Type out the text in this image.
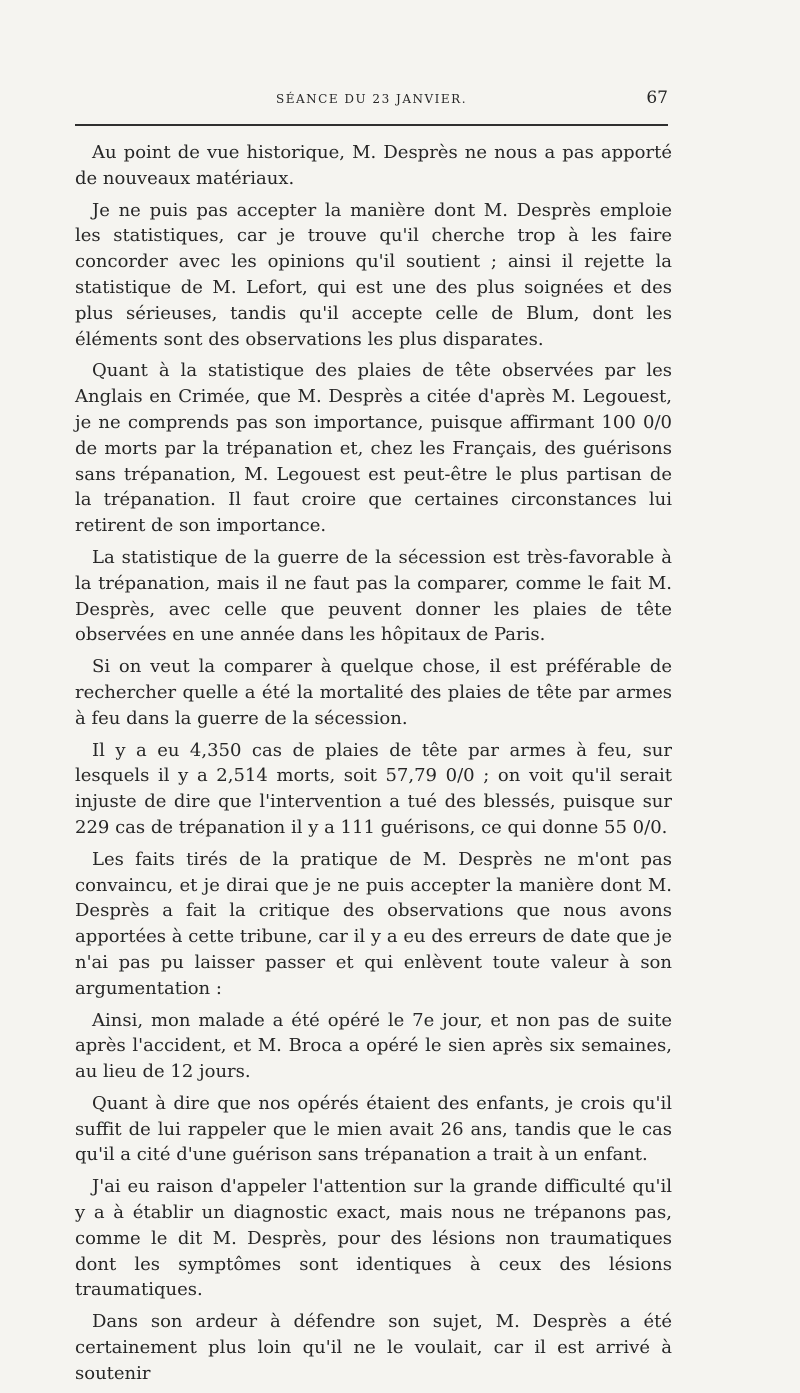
SÉANCE DU 23 JANVIER.	67

Au point de vue historique, M. Desprès ne nous a pas apporté de nouveaux matériaux.

Je ne puis pas accepter la manière dont M. Desprès emploie les statistiques, car je trouve qu'il cherche trop à les faire concorder avec les opinions qu'il soutient ; ainsi il rejette la statistique de M. Lefort, qui est une des plus soignées et des plus sérieuses, tandis qu'il accepte celle de Blum, dont les éléments sont des observations les plus disparates.

Quant à la statistique des plaies de tête observées par les Anglais en Crimée, que M. Desprès a citée d'après M. Legouest, je ne comprends pas son importance, puisque affirmant 100 0/0 de morts par la trépanation et, chez les Français, des guérisons sans trépanation, M. Legouest est peut-être le plus partisan de la trépanation. Il faut croire que certaines circonstances lui retirent de son importance.

La statistique de la guerre de la sécession est très-favorable à la trépanation, mais il ne faut pas la comparer, comme le fait M. Desprès, avec celle que peuvent donner les plaies de tête observées en une année dans les hôpitaux de Paris.

Si on veut la comparer à quelque chose, il est préférable de rechercher quelle a été la mortalité des plaies de tête par armes à feu dans la guerre de la sécession.

Il y a eu 4,350 cas de plaies de tête par armes à feu, sur lesquels il y a 2,514 morts, soit 57,79 0/0 ; on voit qu'il serait injuste de dire que l'intervention a tué des blessés, puisque sur 229 cas de trépanation il y a 111 guérisons, ce qui donne 55 0/0.

Les faits tirés de la pratique de M. Desprès ne m'ont pas convaincu, et je dirai que je ne puis accepter la manière dont M. Desprès a fait la critique des observations que nous avons apportées à cette tribune, car il y a eu des erreurs de date que je n'ai pas pu laisser passer et qui enlèvent toute valeur à son argumentation :

Ainsi, mon malade a été opéré le 7e jour, et non pas de suite après l'accident, et M. Broca a opéré le sien après six semaines, au lieu de 12 jours.

Quant à dire que nos opérés étaient des enfants, je crois qu'il suffit de lui rappeler que le mien avait 26 ans, tandis que le cas qu'il a cité d'une guérison sans trépanation a trait à un enfant.

J'ai eu raison d'appeler l'attention sur la grande difficulté qu'il y a à établir un diagnostic exact, mais nous ne trépanons pas, comme le dit M. Desprès, pour des lésions non traumatiques dont les symptômes sont identiques à ceux des lésions traumatiques.

Dans son ardeur à défendre son sujet, M. Desprès a été certainement plus loin qu'il ne le voulait, car il est arrivé à soutenir
